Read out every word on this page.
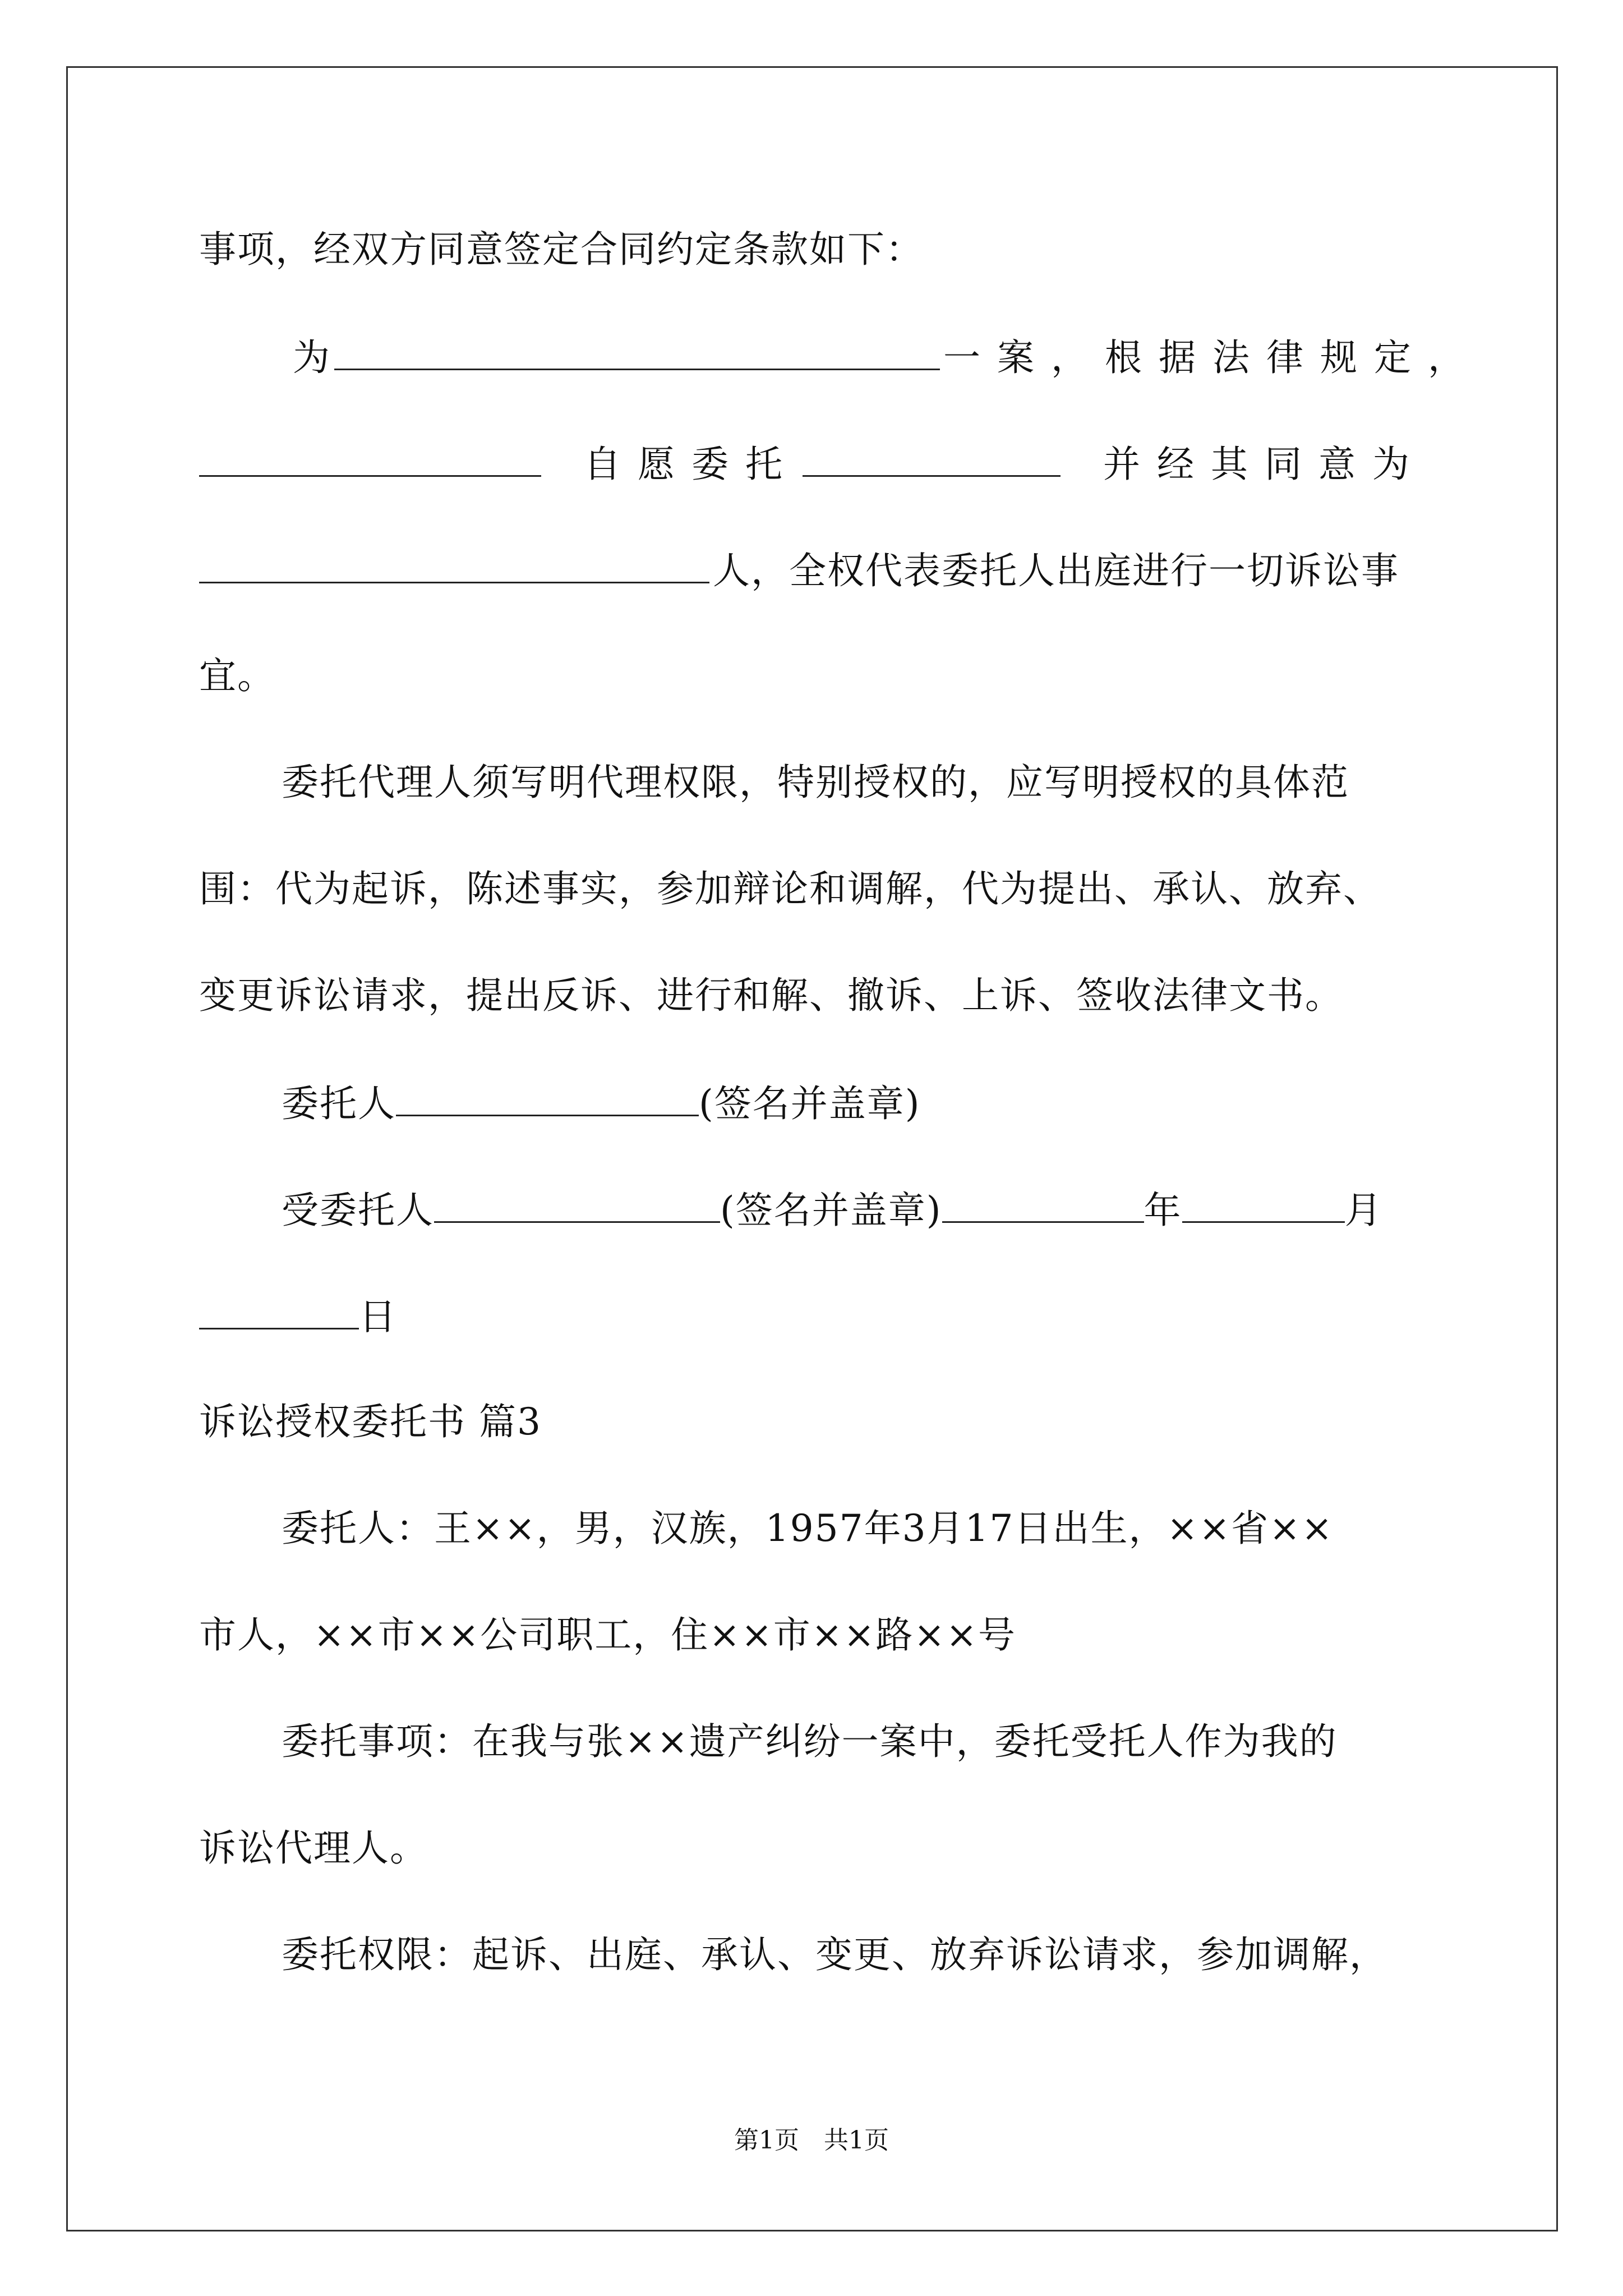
事项，经双方同意签定合同约定条款如下：
为	一案，根据法律规定，
自愿委托	并经其同意为
人，全权代表委托人出庭进行一切诉讼事
宜。
委托代理人须写明代理权限，特别授权的，应写明授权的具体范
围：代为起诉，陈述事实，参加辩论和调解，代为提出、承认、放弃、
变更诉讼请求，提出反诉、进行和解、撤诉、上诉、签收法律文书。
委托人	(签名并盖章)
受委托人	(签名并盖章)	年	月
日
诉讼授权委托书 篇3
委托人：王××，男，汉族，1957年3月17日出生，××省××
市人，××市××公司职工，住××市××路××号
委托事项：在我与张××遗产纠纷一案中，委托受托人作为我的
诉讼代理人。
委托权限：起诉、出庭、承认、变更、放弃诉讼请求，参加调解，
第1页　共1页
